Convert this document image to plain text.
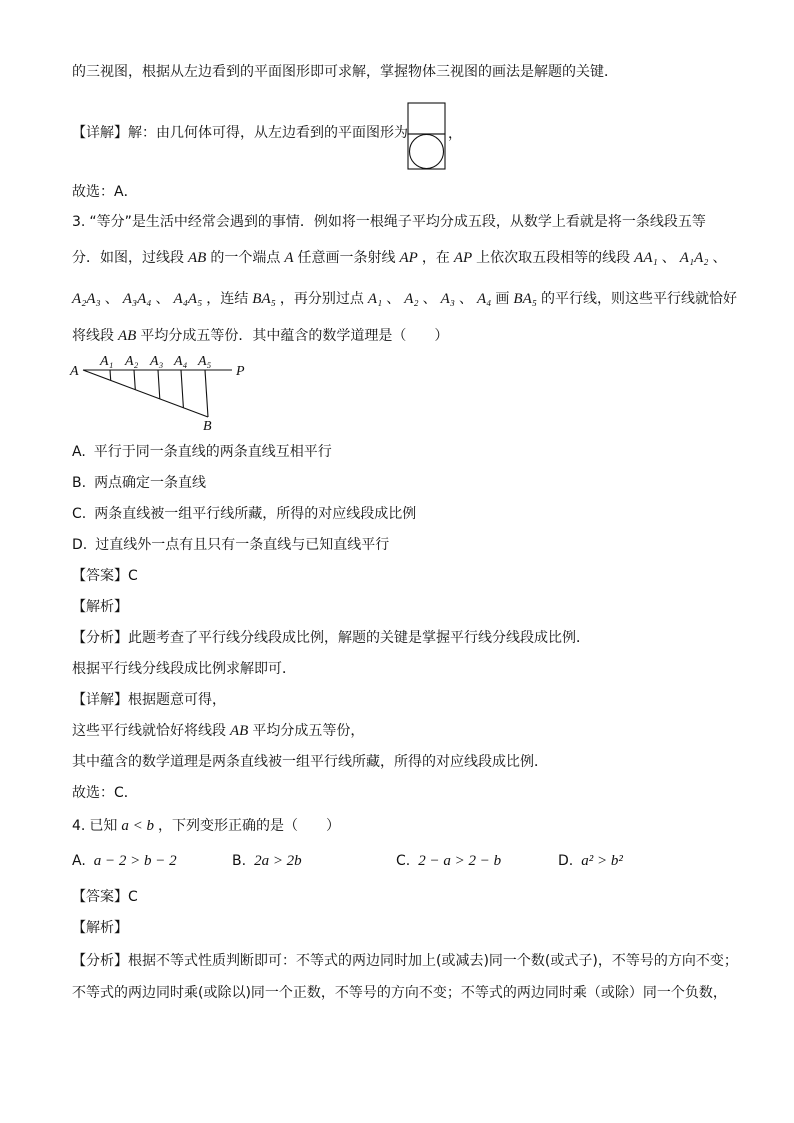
的三视图，根据从左边看到的平面图形即可求解，掌握物体三视图的画法是解题的关键．
【详解】解：由几何体可得，从左边看到的平面图形为	，
故选：A．
3. “等分”是生活中经常会遇到的事情．例如将一根绳子平均分成五段，从数学上看就是将一条线段五等
分．如图，过线段 AB 的一个端点 A 任意画一条射线 AP ，在 AP 上依次取五段相等的线段 AA₁ 、 A₁A₂ 、
A₂A₃ 、 A₃A₄ 、 A₄A₅ ，连结 BA₅ ，再分别过点 A₁ 、 A₂ 、 A₃ 、 A₄ 画 BA₅ 的平行线，则这些平行线就恰好
将线段 AB 平均分成五等份．其中蕴含的数学道理是（　　）
A
A₁ A₂ A₃ A₄ A₅
P
B
A. 平行于同一条直线的两条直线互相平行
B. 两点确定一条直线
C. 两条直线被一组平行线所藏，所得的对应线段成比例
D. 过直线外一点有且只有一条直线与已知直线平行
【答案】C
【解析】
【分析】此题考查了平行线分线段成比例，解题的关键是掌握平行线分线段成比例．
根据平行线分线段成比例求解即可．
【详解】根据题意可得，
这些平行线就恰好将线段 AB 平均分成五等份，
其中蕴含的数学道理是两条直线被一组平行线所藏，所得的对应线段成比例．
故选：C．
4. 已知 a < b ，下列变形正确的是（　　）
A. a − 2 > b − 2	B. 2a > 2b	C. 2 − a > 2 − b	D. a² > b²
【答案】C
【解析】
【分析】根据不等式性质判断即可：不等式的两边同时加上(或减去)同一个数(或式子)，不等号的方向不变；
不等式的两边同时乘(或除以)同一个正数，不等号的方向不变；不等式的两边同时乘（或除）同一个负数，
